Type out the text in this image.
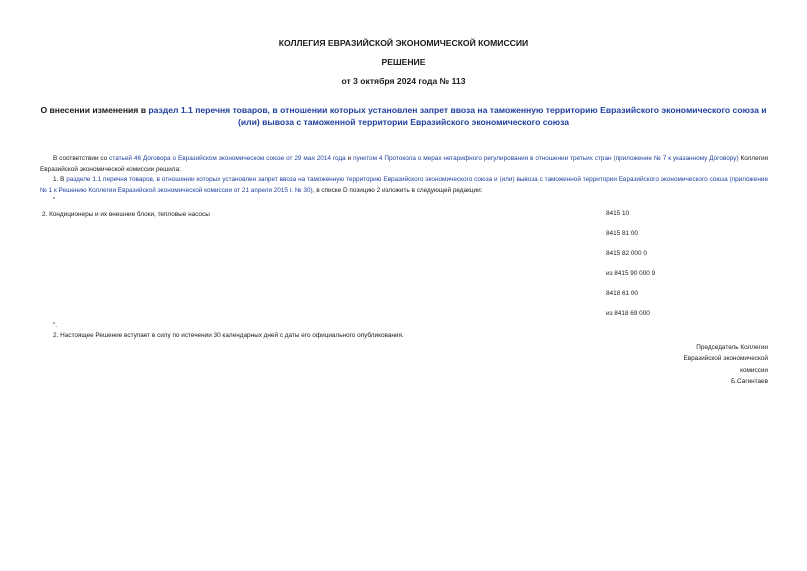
КОЛЛЕГИЯ ЕВРАЗИЙСКОЙ ЭКОНОМИЧЕСКОЙ КОМИССИИ
РЕШЕНИЕ
от 3 октября 2024 года № 113
О внесении изменения в раздел 1.1 перечня товаров, в отношении которых установлен запрет ввоза на таможенную территорию Евразийского экономического союза и (или) вывоза с таможенной территории Евразийского экономического союза
В соответствии со статьей 46 Договора о Евразийском экономическом союзе от 29 мая 2014 года и пунктом 4 Протокола о мерах нетарифного регулирования в отношении третьих стран (приложение № 7 к указанному Договору) Коллегия Евразийской экономической комиссии решила:
1. В разделе 1.1 перечня товаров, в отношении которых установлен запрет ввоза на таможенную территорию Евразийского экономического союза и (или) вывоза с таможенной территории Евразийского экономического союза (приложение № 1 к Решению Коллегии Евразийской экономической комиссии от 21 апреля 2015 г. № 30), в списке D позицию 2 изложить в следующей редакции:
"
2. Кондиционеры и их внешние блоки, тепловые насосы	8415 10
8415 81 00
8415 82 000 0
из 8415 90 000 9
8418 61 00
из 8418 69 000
".
2. Настоящее Решение вступает в силу по истечении 30 календарных дней с даты его официального опубликования.
Председатель Коллегии
Евразийской экономической
комиссии
Б.Сагинтаев
